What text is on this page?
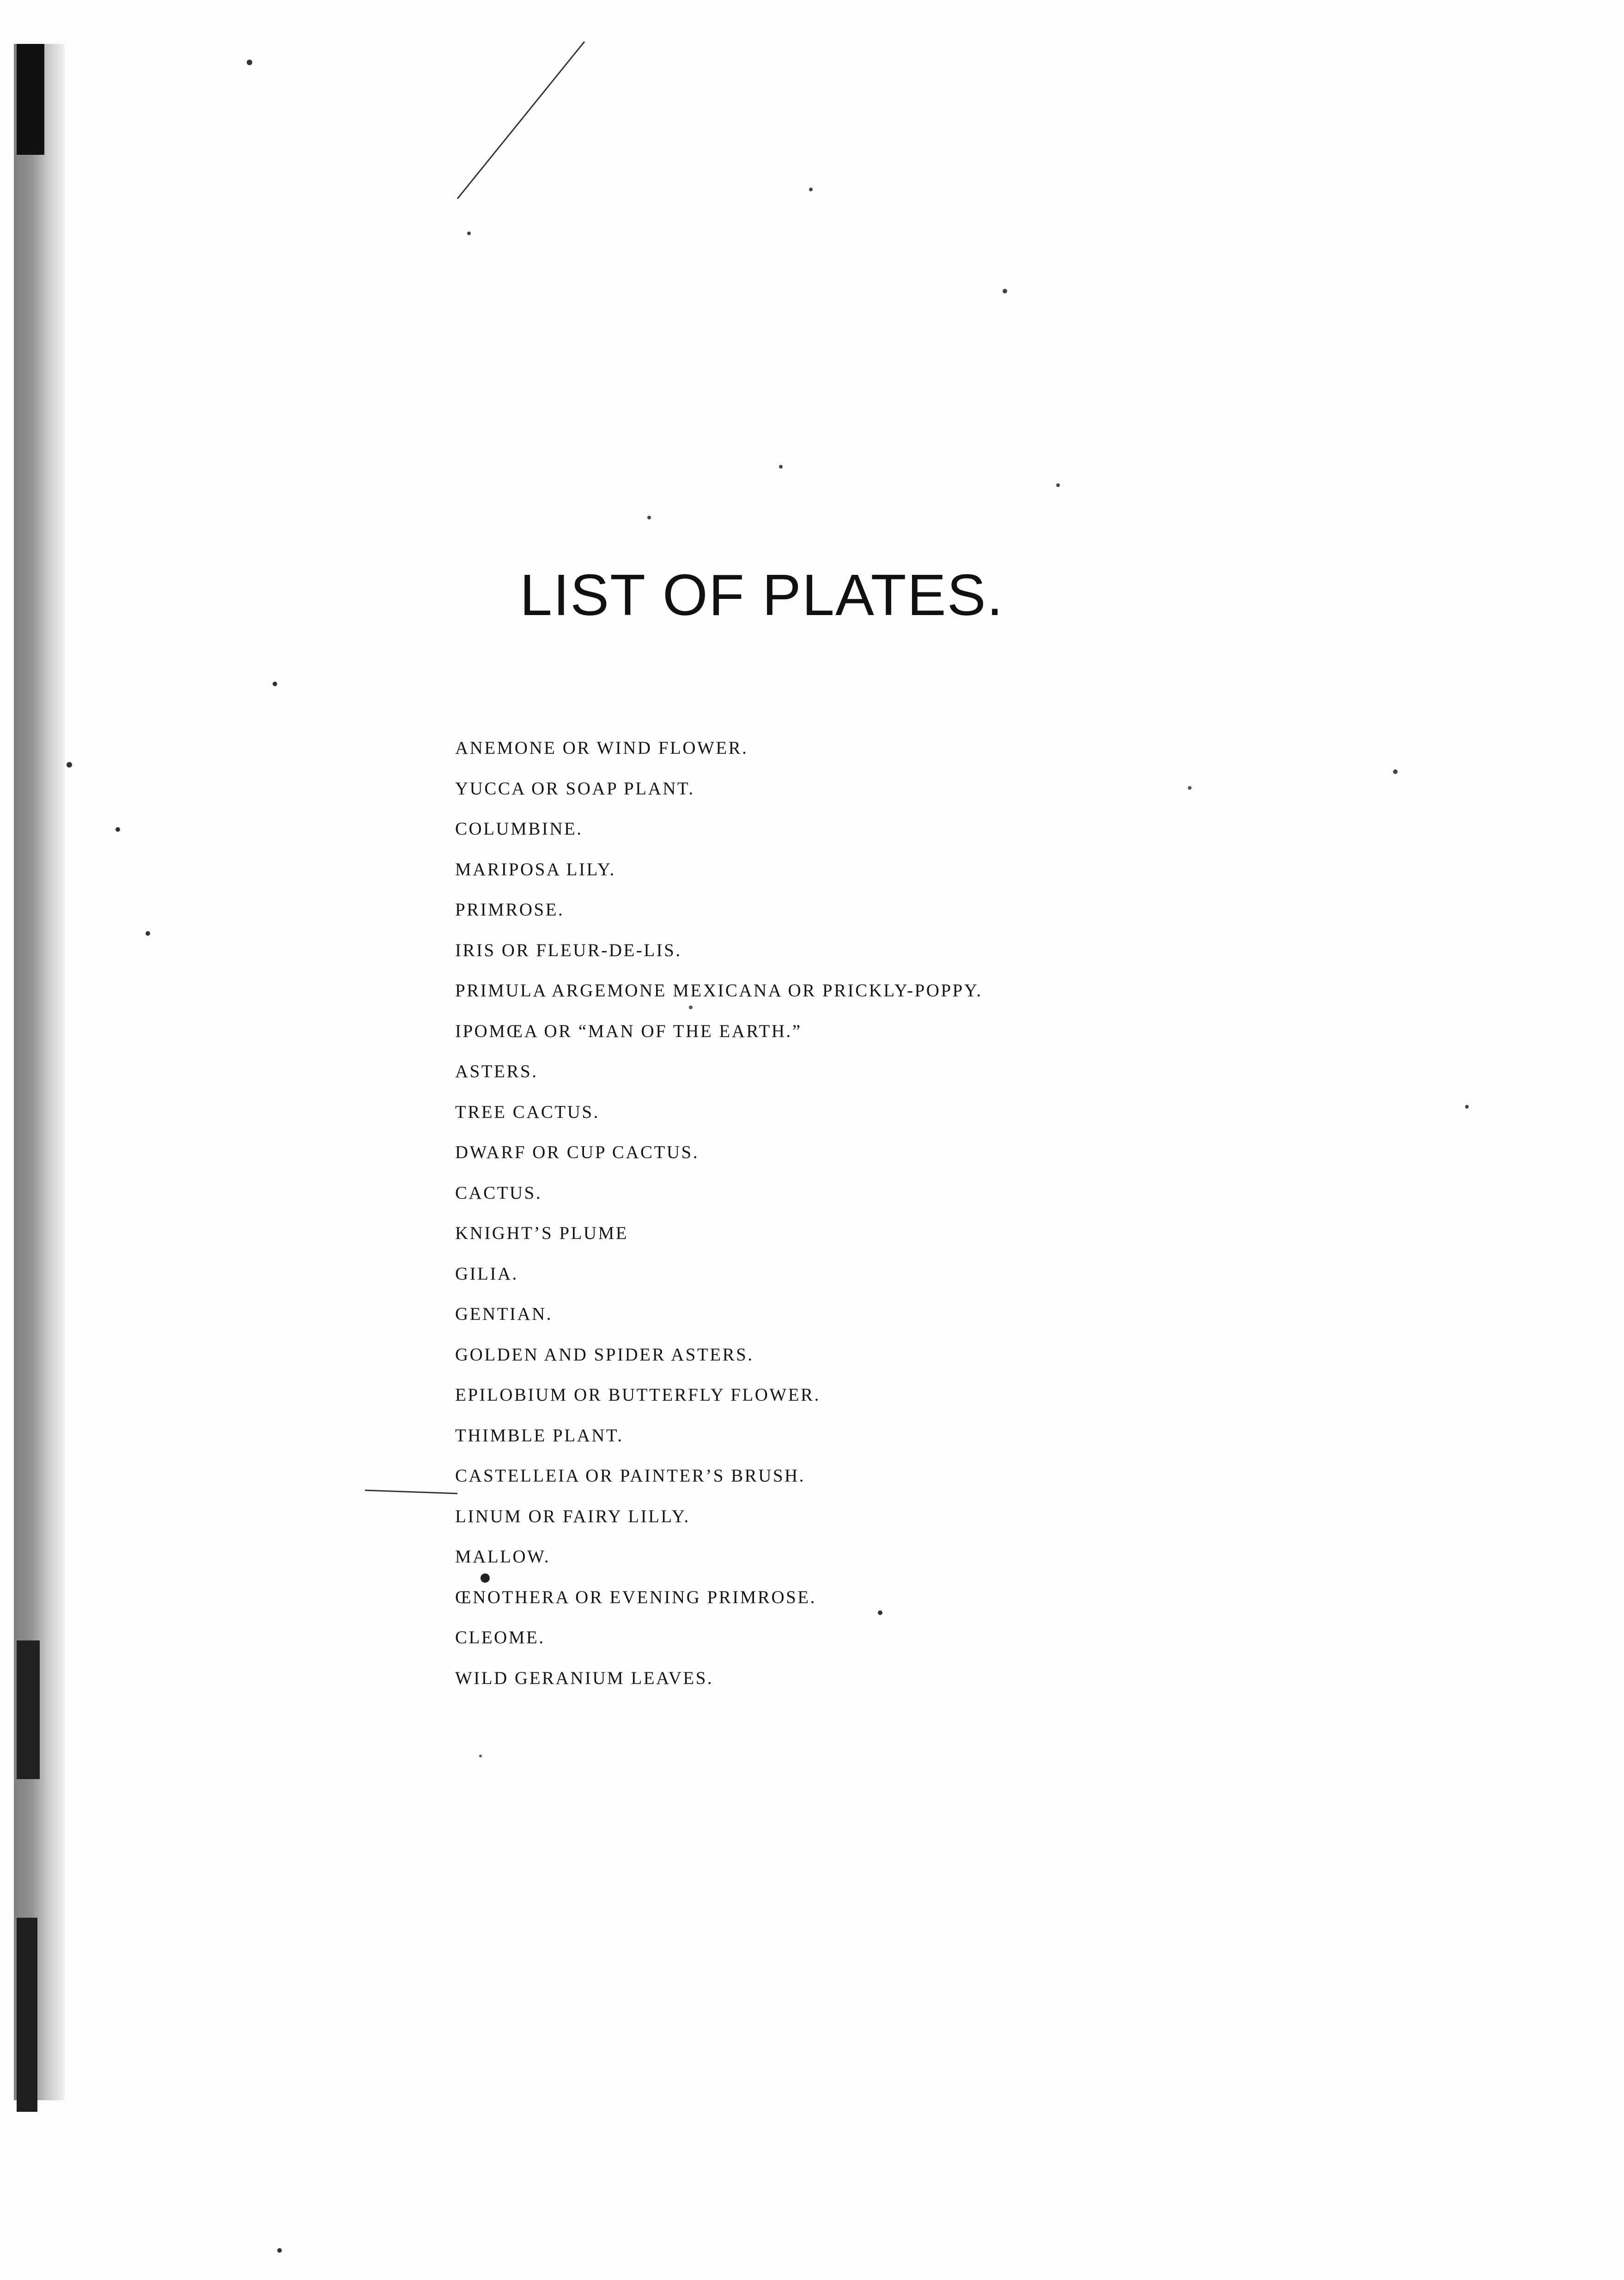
LIST OF PLATES.
ANEMONE OR WIND FLOWER.
YUCCA OR SOAP PLANT.
COLUMBINE.
MARIPOSA LILY.
PRIMROSE.
IRIS OR FLEUR-DE-LIS.
PRIMULA ARGEMONE MEXICANA OR PRICKLY-POPPY.
IPOMŒA OR “MAN OF THE EARTH.”
ASTERS.
TREE CACTUS.
DWARF OR CUP CACTUS.
CACTUS.
KNIGHT’S PLUME
GILIA.
GENTIAN.
GOLDEN AND SPIDER ASTERS.
EPILOBIUM OR BUTTERFLY FLOWER.
THIMBLE PLANT.
CASTELLEIA OR PAINTER’S BRUSH.
LINUM OR FAIRY LILLY.
MALLOW.
ŒNOTHERA OR EVENING PRIMROSE.
CLEOME.
WILD GERANIUM LEAVES.
